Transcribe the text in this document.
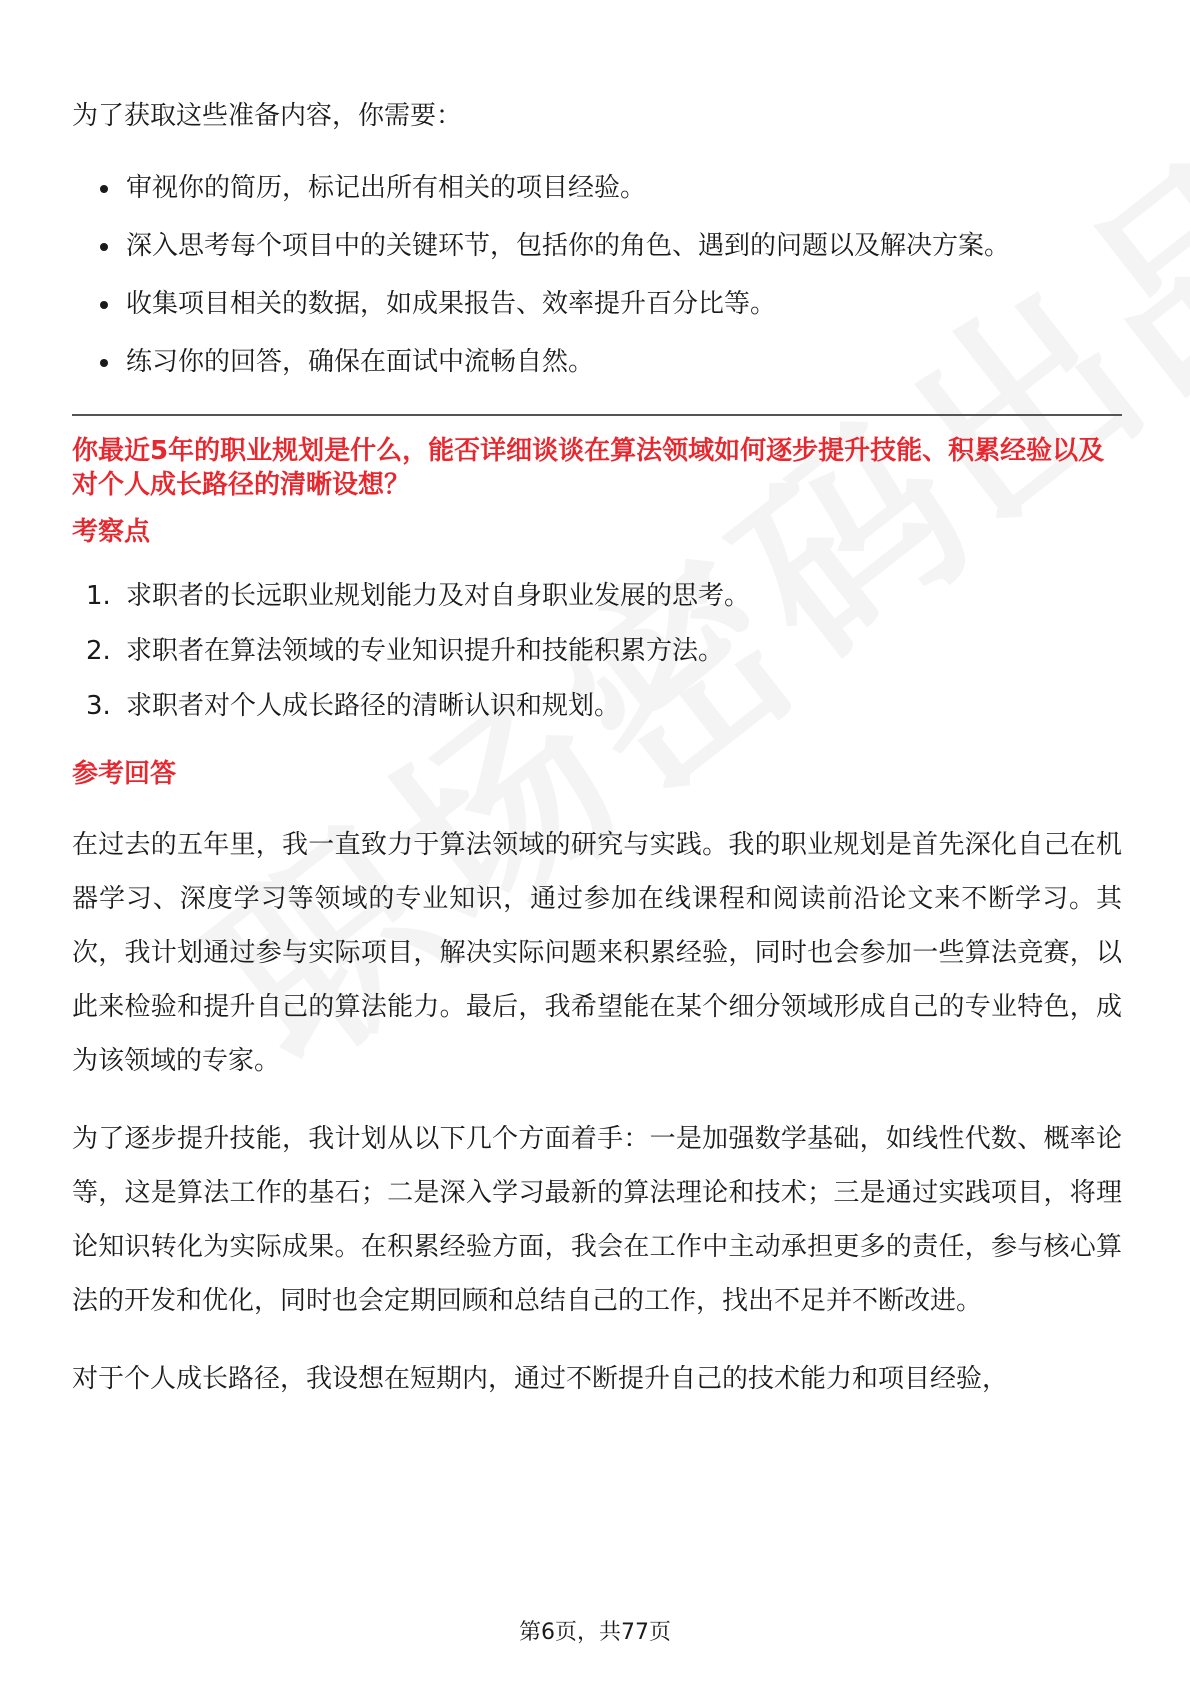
为了获取这些准备内容，你需要：

审视你的简历，标记出所有相关的项目经验。
深入思考每个项目中的关键环节，包括你的角色、遇到的问题以及解决方案。
收集项目相关的数据，如成果报告、效率提升百分比等。
练习你的回答，确保在面试中流畅自然。

你最近5年的职业规划是什么，能否详细谈谈在算法领域如何逐步提升技能、积累经验以及对个人成长路径的清晰设想？

考察点
1. 求职者的长远职业规划能力及对自身职业发展的思考。
2. 求职者在算法领域的专业知识提升和技能积累方法。
3. 求职者对个人成长路径的清晰认识和规划。
参考回答

在过去的五年里，我一直致力于算法领域的研究与实践。我的职业规划是首先深化自己在机器学习、深度学习等领域的专业知识，通过参加在线课程和阅读前沿论文来不断学习。其次，我计划通过参与实际项目，解决实际问题来积累经验，同时也会参加一些算法竞赛，以此来检验和提升自己的算法能力。最后，我希望能在某个细分领域形成自己的专业特色，成为该领域的专家。

为了逐步提升技能，我计划从以下几个方面着手：一是加强数学基础，如线性代数、概率论等，这是算法工作的基石；二是深入学习最新的算法理论和技术；三是通过实践项目，将理论知识转化为实际成果。在积累经验方面，我会在工作中主动承担更多的责任，参与核心算法的开发和优化，同时也会定期回顾和总结自己的工作，找出不足并不断改进。

对于个人成长路径，我设想在短期内，通过不断提升自己的技术能力和项目经验，

第6页，共77页
